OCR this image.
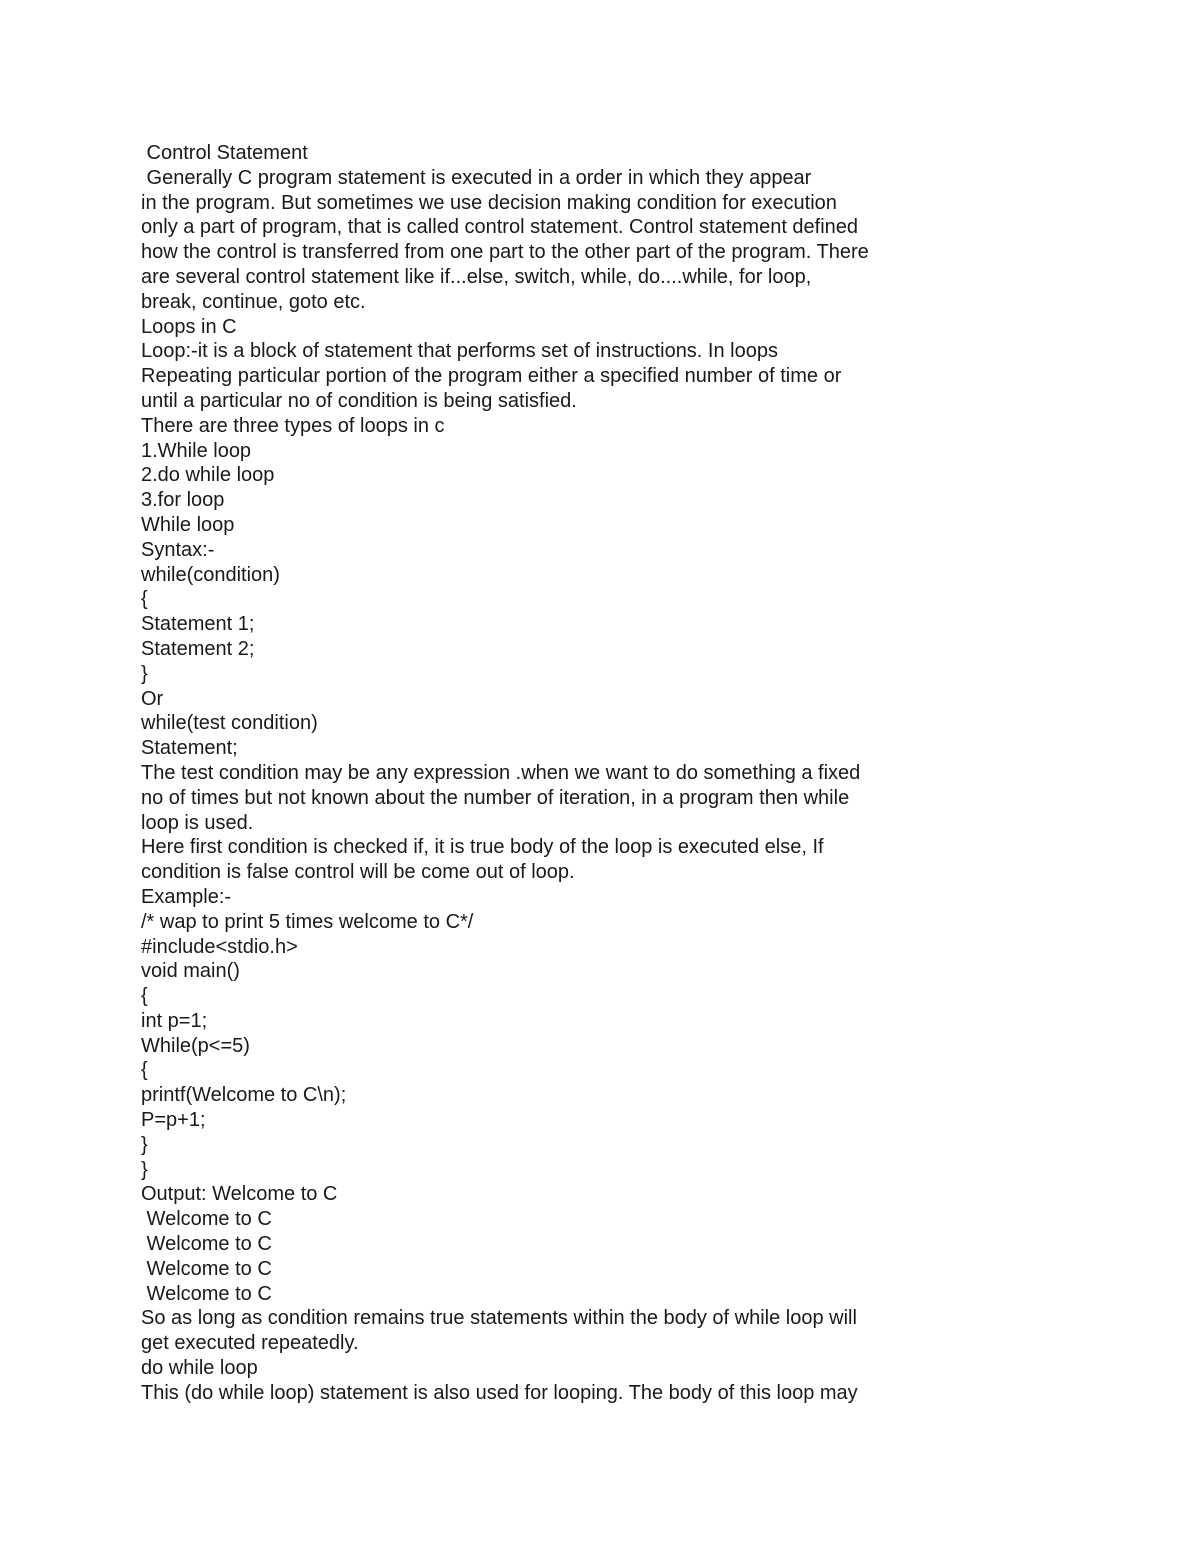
Control Statement
Generally C program statement is executed in a order in which they appear
in the program. But sometimes we use decision making condition for execution
only a part of program, that is called control statement. Control statement defined
how the control is transferred from one part to the other part of the program. There
are several control statement like if...else, switch, while, do....while, for loop,
break, continue, goto etc.
Loops in C
Loop:-it is a block of statement that performs set of instructions. In loops
Repeating particular portion of the program either a specified number of time or
until a particular no of condition is being satisfied.
There are three types of loops in c
1.While loop
2.do while loop
3.for loop
While loop
Syntax:-
while(condition)
{
Statement 1;
Statement 2;
}
Or
while(test condition)
Statement;
The test condition may be any expression .when we want to do something a fixed
no of times but not known about the number of iteration, in a program then while
loop is used.
Here first condition is checked if, it is true body of the loop is executed else, If
condition is false control will be come out of loop.
Example:-
/* wap to print 5 times welcome to C*/
#include<stdio.h>
void main()
{
int p=1;
While(p<=5)
{
printf(Welcome to C\n);
P=p+1;
}
}
Output: Welcome to C
Welcome to C
Welcome to C
Welcome to C
Welcome to C
So as long as condition remains true statements within the body of while loop will
get executed repeatedly.
do while loop
This (do while loop) statement is also used for looping. The body of this loop may
